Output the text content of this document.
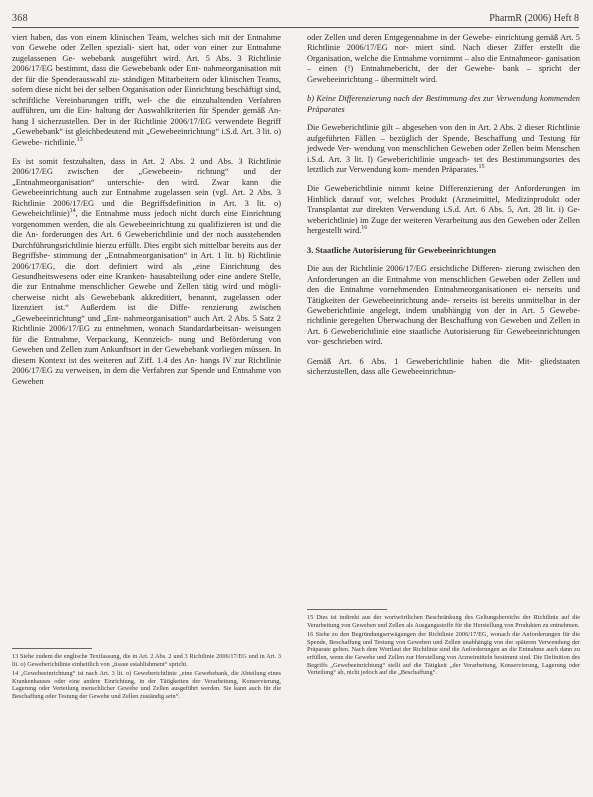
368	PharmR (2006) Heft 8

viert haben, das von einem klinischen Team, welches sich mit der Entnahme von Gewebe oder Zellen speziali- siert hat, oder von einer zur Entnahme zugelassenen Ge- webebank ausgeführt wird. Art. 5 Abs. 3 Richtlinie 2006/17/EG bestimmt, dass die Gewebebank oder Ent- nahmeorganisation mit der für die Spenderauswahl zu- ständigen Mitarbeitern oder klinischen Teams, sofern diese nicht bei der selben Organisation oder Einrichtung beschäftigt sind, schriftliche Vereinbarungen trifft, wel- che die einzuhaltenden Verfahren aufführen, um die Ein- haltung der Auswahlkriterien für Spender gemäß An- hang I sicherzustellen. Der in der Richtlinie 2006/17/EG verwendete Begriff „Gewebebank“ ist gleichbedeutend mit „Gewebeeinrichtung“ i.S.d. Art. 3 lit. o) Gewebe- richtlinie.$^{13}$

Es ist somit festzuhalten, dass in Art. 2 Abs. 2 und Abs. 3 Richtlinie 2006/17/EG zwischen der „Gewebeein- richtung“ und der „Entnahmeorganisation“ unterschie- den wird. Zwar kann die Gewebeeinrichtung auch zur Entnahme zugelassen sein (vgl. Art. 2 Abs. 3 Richtlinie 2006/17/EG und die Begriffsdefinition in Art. 3 lit. o) Gewebeichtlinie)$^{14}$, die Entnahme muss jedoch nicht durch eine Einrichtung vorgenommen werden, die als Gewebeeinrichtung zu qualifizieren ist und die die An- forderungen des Art. 6 Geweberichtlinie und der noch ausstehenden Durchführungsrichtlinie hierzu erfüllt. Dies ergibt sich mittelbar bereits aus der Begriffsbe- stimmung der „Entnahmeorganisation“ in Art. 1 lit. b) Richtlinie 2006/17/EG, die dort definiert wird als „eine Einrichtung des Gesundheitswesens oder eine Kranken- hausabteilung oder eine andere Stelle, die zur Entnahme menschlicher Gewebe und Zellen tätig wird und mögli- cherweise nicht als Gewebebank akkreditiert, benannt, zugelassen oder lizenziert ist.“ Außerdem ist die Diffe- renzierung zwischen „Gewebeeinrichtung“ und „Ent- nahmeorganisation“ auch Art. 2 Abs. 5 Satz 2 Richtlinie 2006/17/EG zu entnehmen, wonach Standardarbeitsan- weisungen für die Entnahme, Verpackung, Kennzeich- nung und Beförderung von Geweben und Zellen zum Ankunftsort in der Gewebebank vorliegen müssen. In diesem Kontext ist des weiteren auf Ziff. 1.4 des An- hangs IV zur Richtlinie 2006/17/EG zu verweisen, in dem die Verfahren zur Spende und Entnahme von Geweben

13 Siehe zudem die englische Textfassung, die in Art. 2 Abs. 2 und 3 Richtlinie 2006/17/EG und in Art. 3 lit. o) Geweberichtlinie einheitlich von „tissue establishment“ spricht.
14 „Gewebeeinrichtung“ ist nach Art. 3 lit. o) Geweberichtlinie „eine Gewebebank, die Abteilung eines Krankenhauses oder eine andere Einrichtung, in der Tätigkeiten der Verarbeitung, Konservierung, Lagerung oder Verteilung menschlicher Gewebe und Zellen ausgeführt werden. Sie kann auch für die Beschaffung oder Testung der Gewebe und Zellen zuständig sein“.

oder Zellen und deren Entgegennahme in der Gewebe- einrichtung gemäß Art. 5 Richtlinie 2006/17/EG nor- miert sind. Nach dieser Ziffer erstellt die Organisation, welche die Entnahme vornimmt – also die Entnahmeor- ganisation – einen (!) Entnahmebericht, der der Gewebe- bank – spricht der Gewebeeinrichtung – übermittelt wird.

b) Keine Differenzierung nach der Bestimmung des zur Verwendung kommenden Präparates

Die Geweberichtlinie gilt – abgesehen von den in Art. 2 Abs. 2 dieser Richtlinie aufgeführten Fällen – bezüglich der Spende, Beschaffung und Testung für jedwede Ver- wendung von menschlichen Geweben oder Zellen beim Menschen i.S.d. Art. 3 lit. l) Geweberichtlinie ungeach- tet des Bestimmungsortes des letztlich zur Verwendung kom- menden Präparates.$^{15}$

Die Geweberichtlinie nimmt keine Differenzierung der Anforderungen im Hinblick darauf vor, welches Produkt (Arzneimittel, Medizinprodukt oder Transplantat zur direkten Verwendung i.S.d. Art. 6 Abs. 5, Art. 28 lit. i) Ge- weberichtlinie) im Zuge der weiteren Verarbeitung aus den Geweben oder Zellen hergestellt wird.$^{16}$

3. Staatliche Autorisierung für Gewebeeinrichtungen

Die aus der Richtlinie 2006/17/EG ersichtliche Differen- zierung zwischen den Anforderungen an die Entnahme von menschlichen Geweben oder Zellen und den die Entnahme vornehmenden Entnahmeorganisationen ei- nerseits und Tätigkeiten der Gewebeeinrichtung ande- rerseits ist bereits unmittelbar in der Geweberichtlinie angelegt, indem unabhängig von der in Art. 5 Gewebe- richtlinie geregelten Überwachung der Beschaffung von Geweben und Zellen in Art. 6 Geweberichtlinie eine staatliche Autorisierung für Gewebeeinrichtungen vor- geschrieben wird.

Gemäß Art. 6 Abs. 1 Geweberichtlinie haben die Mit- gliedstaaten sicherzustellen, dass alle Gewebeeinrichtun-

15 Dies ist indirekt aus der wortwörtlichen Beschränkung des Geltungsbereichs der Richtlinie auf die Verarbeitung von Geweben und Zellen als Ausgangsstoffe für die Herstellung von Produkten zu entnehmen.
16 Siehe zu den Begründungserwägungen der Richtlinie 2006/17/EG, wonach die Anforderungen für die Spende, Beschaffung und Testung von Geweben und Zellen unabhängig von der späteren Verwendung der Präparate gelten. Nach dem Wortlaut der Richtlinie sind die Anforderungen an die Entnahme auch dann zu erfüllen, wenn die Gewebe und Zellen zur Herstellung von Arzneimitteln bestimmt sind. Die Definition des Begriffs „Gewebeeinrichtung“ stellt auf die Tätigkeit „der Verarbeitung, Konservierung, Lagerung oder Verteilung“ ab, nicht jedoch auf die „Beschaffung“.
